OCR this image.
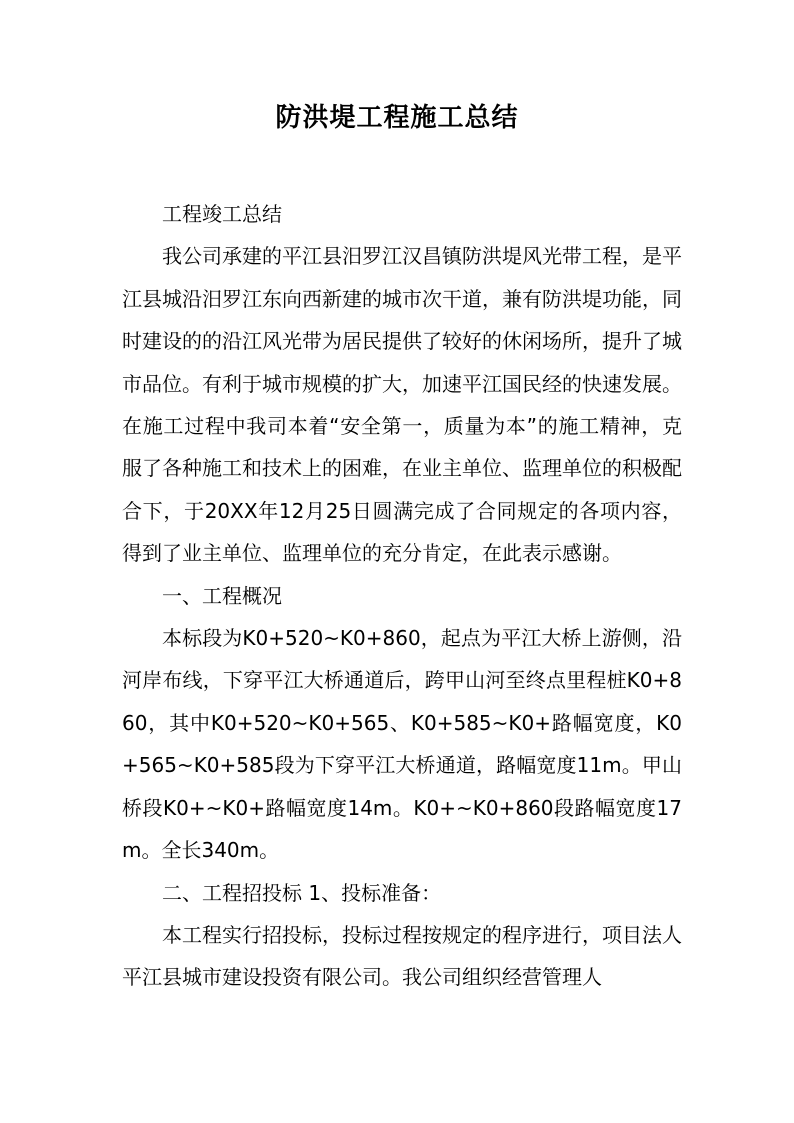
防洪堤工程施工总结

工程竣工总结

我公司承建的平江县汨罗江汉昌镇防洪堤风光带工程，是平江县城沿汨罗江东向西新建的城市次干道，兼有防洪堤功能，同时建设的的沿江风光带为居民提供了较好的休闲场所，提升了城市品位。有利于城市规模的扩大，加速平江国民经的快速发展。在施工过程中我司本着“安全第一，质量为本”的施工精神，克服了各种施工和技术上的困难，在业主单位、监理单位的积极配合下，于20XX年12月25日圆满完成了合同规定的各项内容，得到了业主单位、监理单位的充分肯定，在此表示感谢。

一、工程概况

本标段为K0+520~K0+860，起点为平江大桥上游侧，沿河岸布线，下穿平江大桥通道后，跨甲山河至终点里程桩K0+860，其中K0+520~K0+565、K0+585~K0+路幅宽度，K0+565~K0+585段为下穿平江大桥通道，路幅宽度11m。甲山桥段K0+~K0+路幅宽度14m。K0+~K0+860段路幅宽度17m。全长340m。

二、工程招投标 1、投标准备：

本工程实行招投标，投标过程按规定的程序进行，项目法人平江县城市建设投资有限公司。我公司组织经营管理人
